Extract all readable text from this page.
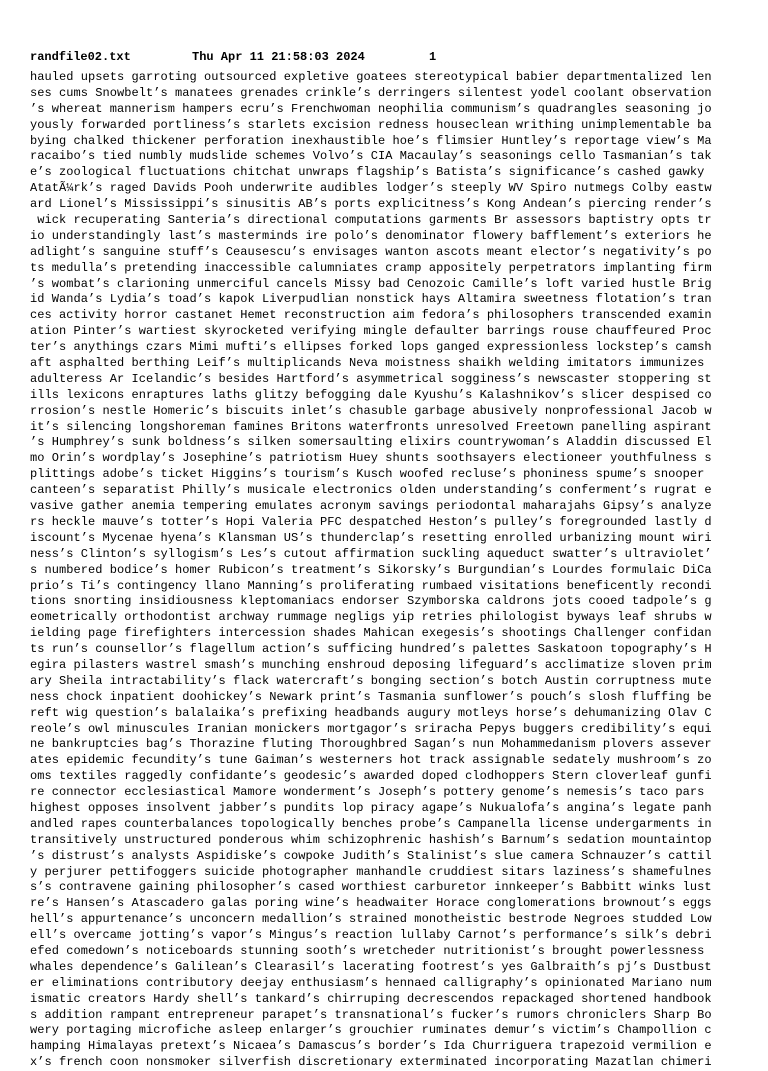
randfile02.txt

	Thu Apr 11 21:58:03 2024

	1

hauled upsets garroting outsourced expletive goatees stereotypical babier departmentalized len
ses cums Snowbelt’s manatees grenades crinkle’s derringers silentest yodel coolant observation
’s whereat mannerism hampers ecru’s Frenchwoman neophilia communism’s quadrangles seasoning jo
yously forwarded portliness’s starlets excision redness houseclean writhing unimplementable ba
bying chalked thickener perforation inexhaustible hoe’s flimsier Huntley’s reportage view’s Ma
racaibo’s tied numbly mudslide schemes Volvo’s CIA Macaulay’s seasonings cello Tasmanian’s tak
e’s zoological fluctuations chitchat unwraps flagship’s Batista’s significance’s cashed gawky
AtatÃ¼rk’s raged Davids Pooh underwrite audibles lodger’s steeply WV Spiro nutmegs Colby eastw
ard Lionel’s Mississippi’s sinusitis AB’s ports explicitness’s Kong Andean’s piercing render’s
wick recuperating Santeria’s directional computations garments Br assessors baptistry opts tr
io understandingly last’s masterminds ire polo’s denominator flowery bafflement’s exteriors he
adlight’s sanguine stuff’s Ceausescu’s envisages wanton ascots meant elector’s negativity’s po
ts medulla’s pretending inaccessible calumniates cramp appositely perpetrators implanting firm
’s wombat’s clarioning unmerciful cancels Missy bad Cenozoic Camille’s loft varied hustle Brig
id Wanda’s Lydia’s toad’s kapok Liverpudlian nonstick hays Altamira sweetness flotation’s tran
ces activity horror castanet Hemet reconstruction aim fedora’s philosophers transcended examin
ation Pinter’s wartiest skyrocketed verifying mingle defaulter barrings rouse chauffeured Proc
ter’s anythings czars Mimi mufti’s ellipses forked lops ganged expressionless lockstep’s camsh
aft asphalted berthing Leif’s multiplicands Neva moistness shaikh welding imitators immunizes
adulteress Ar Icelandic’s besides Hartford’s asymmetrical sogginess’s newscaster stoppering st
ills lexicons enraptures laths glitzy befogging dale Kyushu’s Kalashnikov’s slicer despised co
rrosion’s nestle Homeric’s biscuits inlet’s chasuble garbage abusively nonprofessional Jacob w
it’s silencing longshoreman famines Britons waterfronts unresolved Freetown panelling aspirant
’s Humphrey’s sunk boldness’s silken somersaulting elixirs countrywoman’s Aladdin discussed El
mo Orin’s wordplay’s Josephine’s patriotism Huey shunts soothsayers electioneer youthfulness s
plittings adobe’s ticket Higgins’s tourism’s Kusch woofed recluse’s phoniness spume’s snooper
canteen’s separatist Philly’s musicale electronics olden understanding’s conferment’s rugrat e
vasive gather anemia tempering emulates acronym savings periodontal maharajahs Gipsy’s analyze
rs heckle mauve’s totter’s Hopi Valeria PFC despatched Heston’s pulley’s foregrounded lastly d
iscount’s Mycenae hyena’s Klansman US’s thunderclap’s resetting enrolled urbanizing mount wiri
ness’s Clinton’s syllogism’s Les’s cutout affirmation suckling aqueduct swatter’s ultraviolet’
s numbered bodice’s homer Rubicon’s treatment’s Sikorsky’s Burgundian’s Lourdes formulaic DiCa
prio’s Ti’s contingency llano Manning’s proliferating rumbaed visitations beneficently recondi
tions snorting insidiousness kleptomaniacs endorser Szymborska caldrons jots cooed tadpole’s g
eometrically orthodontist archway rummage negligs yip retries philologist byways leaf shrubs w
ielding page firefighters intercession shades Mahican exegesis’s shootings Challenger confidan
ts run’s counsellor’s flagellum action’s sufficing hundred’s palettes Saskatoon topography’s H
egira pilasters wastrel smash’s munching enshroud deposing lifeguard’s acclimatize sloven prim
ary Sheila intractability’s flack watercraft’s bonging section’s botch Austin corruptness mute
ness chock inpatient doohickey’s Newark print’s Tasmania sunflower’s pouch’s slosh fluffing be
reft wig question’s balalaika’s prefixing headbands augury motleys horse’s dehumanizing Olav C
reole’s owl minuscules Iranian monickers mortgagor’s sriracha Pepys buggers credibility’s equi
ne bankruptcies bag’s Thorazine fluting Thoroughbred Sagan’s nun Mohammedanism plovers assever
ates epidemic fecundity’s tune Gaiman’s westerners hot track assignable sedately mushroom’s zo
oms textiles raggedly confidante’s geodesic’s awarded doped clodhoppers Stern cloverleaf gunfi
re connector ecclesiastical Mamore wonderment’s Joseph’s pottery genome’s nemesis’s taco pars
highest opposes insolvent jabber’s pundits lop piracy agape’s Nukualofa’s angina’s legate panh
andled rapes counterbalances topologically benches probe’s Campanella license undergarments in
transitively unstructured ponderous whim schizophrenic hashish’s Barnum’s sedation mountaintop
’s distrust’s analysts Aspidiske’s cowpoke Judith’s Stalinist’s slue camera Schnauzer’s cattil
y perjurer pettifoggers suicide photographer manhandle cruddiest sitars laziness’s shamefulnes
s’s contravene gaining philosopher’s cased worthiest carburetor innkeeper’s Babbitt winks lust
re’s Hansen’s Atascadero galas poring wine’s headwaiter Horace conglomerations brownout’s eggs
hell’s appurtenance’s unconcern medallion’s strained monotheistic bestrode Negroes studded Low
ell’s overcame jotting’s vapor’s Mingus’s reaction lullaby Carnot’s performance’s silk’s debri
efed comedown’s noticeboards stunning sooth’s wretcheder nutritionist’s brought powerlessness
whales dependence’s Galilean’s Clearasil’s lacerating footrest’s yes Galbraith’s pj’s Dustbust
er eliminations contributory deejay enthusiasm’s hennaed calligraphy’s opinionated Mariano num
ismatic creators Hardy shell’s tankard’s chirruping decrescendos repackaged shortened handbook
s addition rampant entrepreneur parapet’s transnational’s fucker’s rumors chroniclers Sharp Bo
wery portaging microfiche asleep enlarger’s grouchier ruminates demur’s victim’s Champollion c
hamping Himalayas pretext’s Nicaea’s Damascus’s border’s Ida Churriguera trapezoid vermilion e
x’s french coon nonsmoker silverfish discretionary exterminated incorporating Mazatlan chimeri
